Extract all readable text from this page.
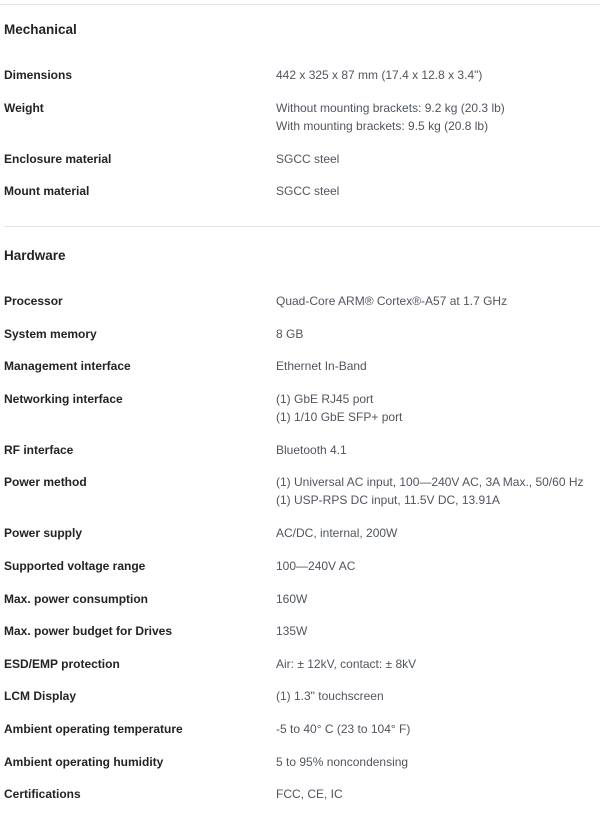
Mechanical
Dimensions	442 x 325 x 87 mm (17.4 x 12.8 x 3.4")
Weight	Without mounting brackets: 9.2 kg (20.3 lb)
With mounting brackets: 9.5 kg (20.8 lb)
Enclosure material	SGCC steel
Mount material	SGCC steel
Hardware
Processor	Quad-Core ARM® Cortex®-A57 at 1.7 GHz
System memory	8 GB
Management interface	Ethernet In-Band
Networking interface	(1) GbE RJ45 port
(1) 1/10 GbE SFP+ port
RF interface	Bluetooth 4.1
Power method	(1) Universal AC input, 100—240V AC, 3A Max., 50/60 Hz
(1) USP-RPS DC input, 11.5V DC, 13.91A
Power supply	AC/DC, internal, 200W
Supported voltage range	100—240V AC
Max. power consumption	160W
Max. power budget for Drives	135W
ESD/EMP protection	Air: ± 12kV, contact: ± 8kV
LCM Display	(1) 1.3" touchscreen
Ambient operating temperature	-5 to 40° C (23 to 104° F)
Ambient operating humidity	5 to 95% noncondensing
Certifications	FCC, CE, IC
